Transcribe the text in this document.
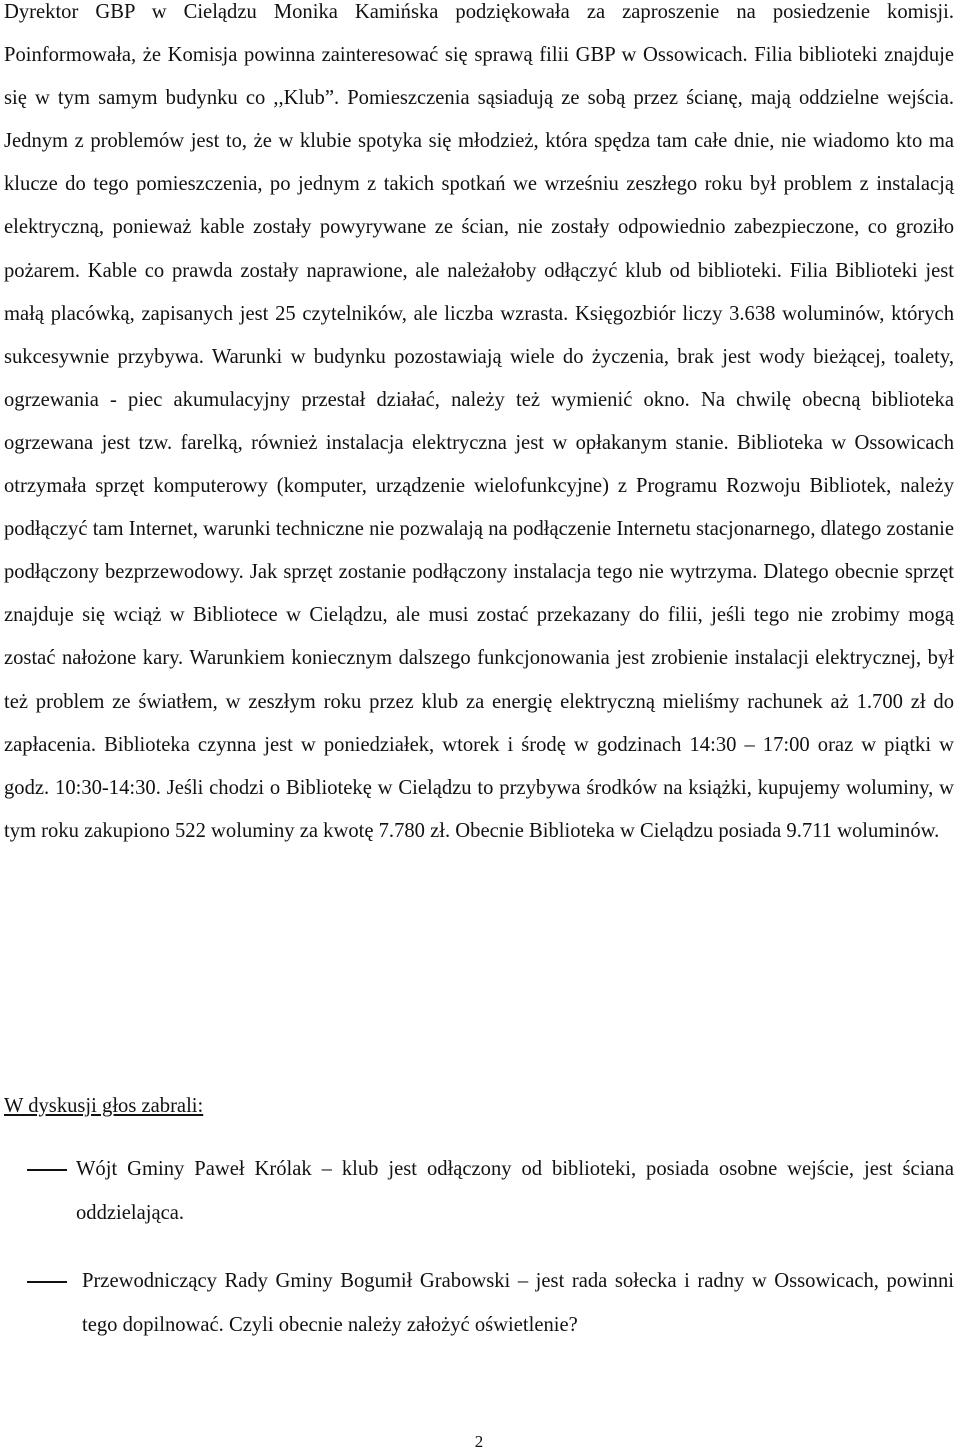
Dyrektor GBP w Cielądzu Monika Kamińska podziękowała za zaproszenie na posiedzenie komisji. Poinformowała, że Komisja powinna zainteresować się sprawą filii GBP w Ossowicach. Filia biblioteki znajduje się w tym samym budynku co ,,Klub”. Pomieszczenia sąsiadują ze sobą przez ścianę, mają oddzielne wejścia. Jednym z problemów jest to, że w klubie spotyka się młodzież, która spędza tam całe dnie, nie wiadomo kto ma klucze do tego pomieszczenia, po jednym z takich spotkań we wrześniu zeszłego roku był problem z instalacją elektryczną, ponieważ kable zostały powyrywane ze ścian, nie zostały odpowiednio zabezpieczone, co groziło pożarem. Kable co prawda zostały naprawione, ale należałoby odłączyć klub od biblioteki. Filia Biblioteki jest małą placówką, zapisanych jest 25 czytelników, ale liczba wzrasta. Księgozbiór liczy 3.638 woluminów, których sukcesywnie przybywa. Warunki w budynku pozostawiają wiele do życzenia, brak jest wody bieżącej, toalety, ogrzewania - piec akumulacyjny przestał działać, należy też wymienić okno. Na chwilę obecną biblioteka ogrzewana jest tzw. farelką, również instalacja elektryczna jest w opłakanym stanie. Biblioteka w Ossowicach otrzymała sprzęt komputerowy (komputer, urządzenie wielofunkcyjne) z Programu Rozwoju Bibliotek, należy podłączyć tam Internet, warunki techniczne nie pozwalają na podłączenie Internetu stacjonarnego, dlatego zostanie podłączony bezprzewodowy. Jak sprzęt zostanie podłączony instalacja tego nie wytrzyma. Dlatego obecnie sprzęt znajduje się wciąż w Bibliotece w Cielądzu, ale musi zostać przekazany do filii, jeśli tego nie zrobimy mogą zostać nałożone kary. Warunkiem koniecznym dalszego funkcjonowania jest zrobienie instalacji elektrycznej, był też problem ze światłem, w zeszłym roku przez klub za energię elektryczną mieliśmy rachunek aż 1.700 zł do zapłacenia. Biblioteka czynna jest w poniedziałek, wtorek i środę w godzinach 14:30 – 17:00 oraz w piątki w godz. 10:30-14:30. Jeśli chodzi o Bibliotekę w Cielądzu to przybywa środków na książki, kupujemy woluminy, w tym roku zakupiono 522 woluminy za kwotę 7.780 zł. Obecnie Biblioteka w Cielądzu posiada 9.711 woluminów.

W dyskusji głos zabrali:

Wójt Gminy Paweł Królak – klub jest odłączony od biblioteki, posiada osobne wejście, jest ściana oddzielająca.
Przewodniczący Rady Gminy Bogumił Grabowski – jest rada sołecka i radny w Ossowicach, powinni tego dopilnować. Czyli obecnie należy założyć oświetlenie?
2
